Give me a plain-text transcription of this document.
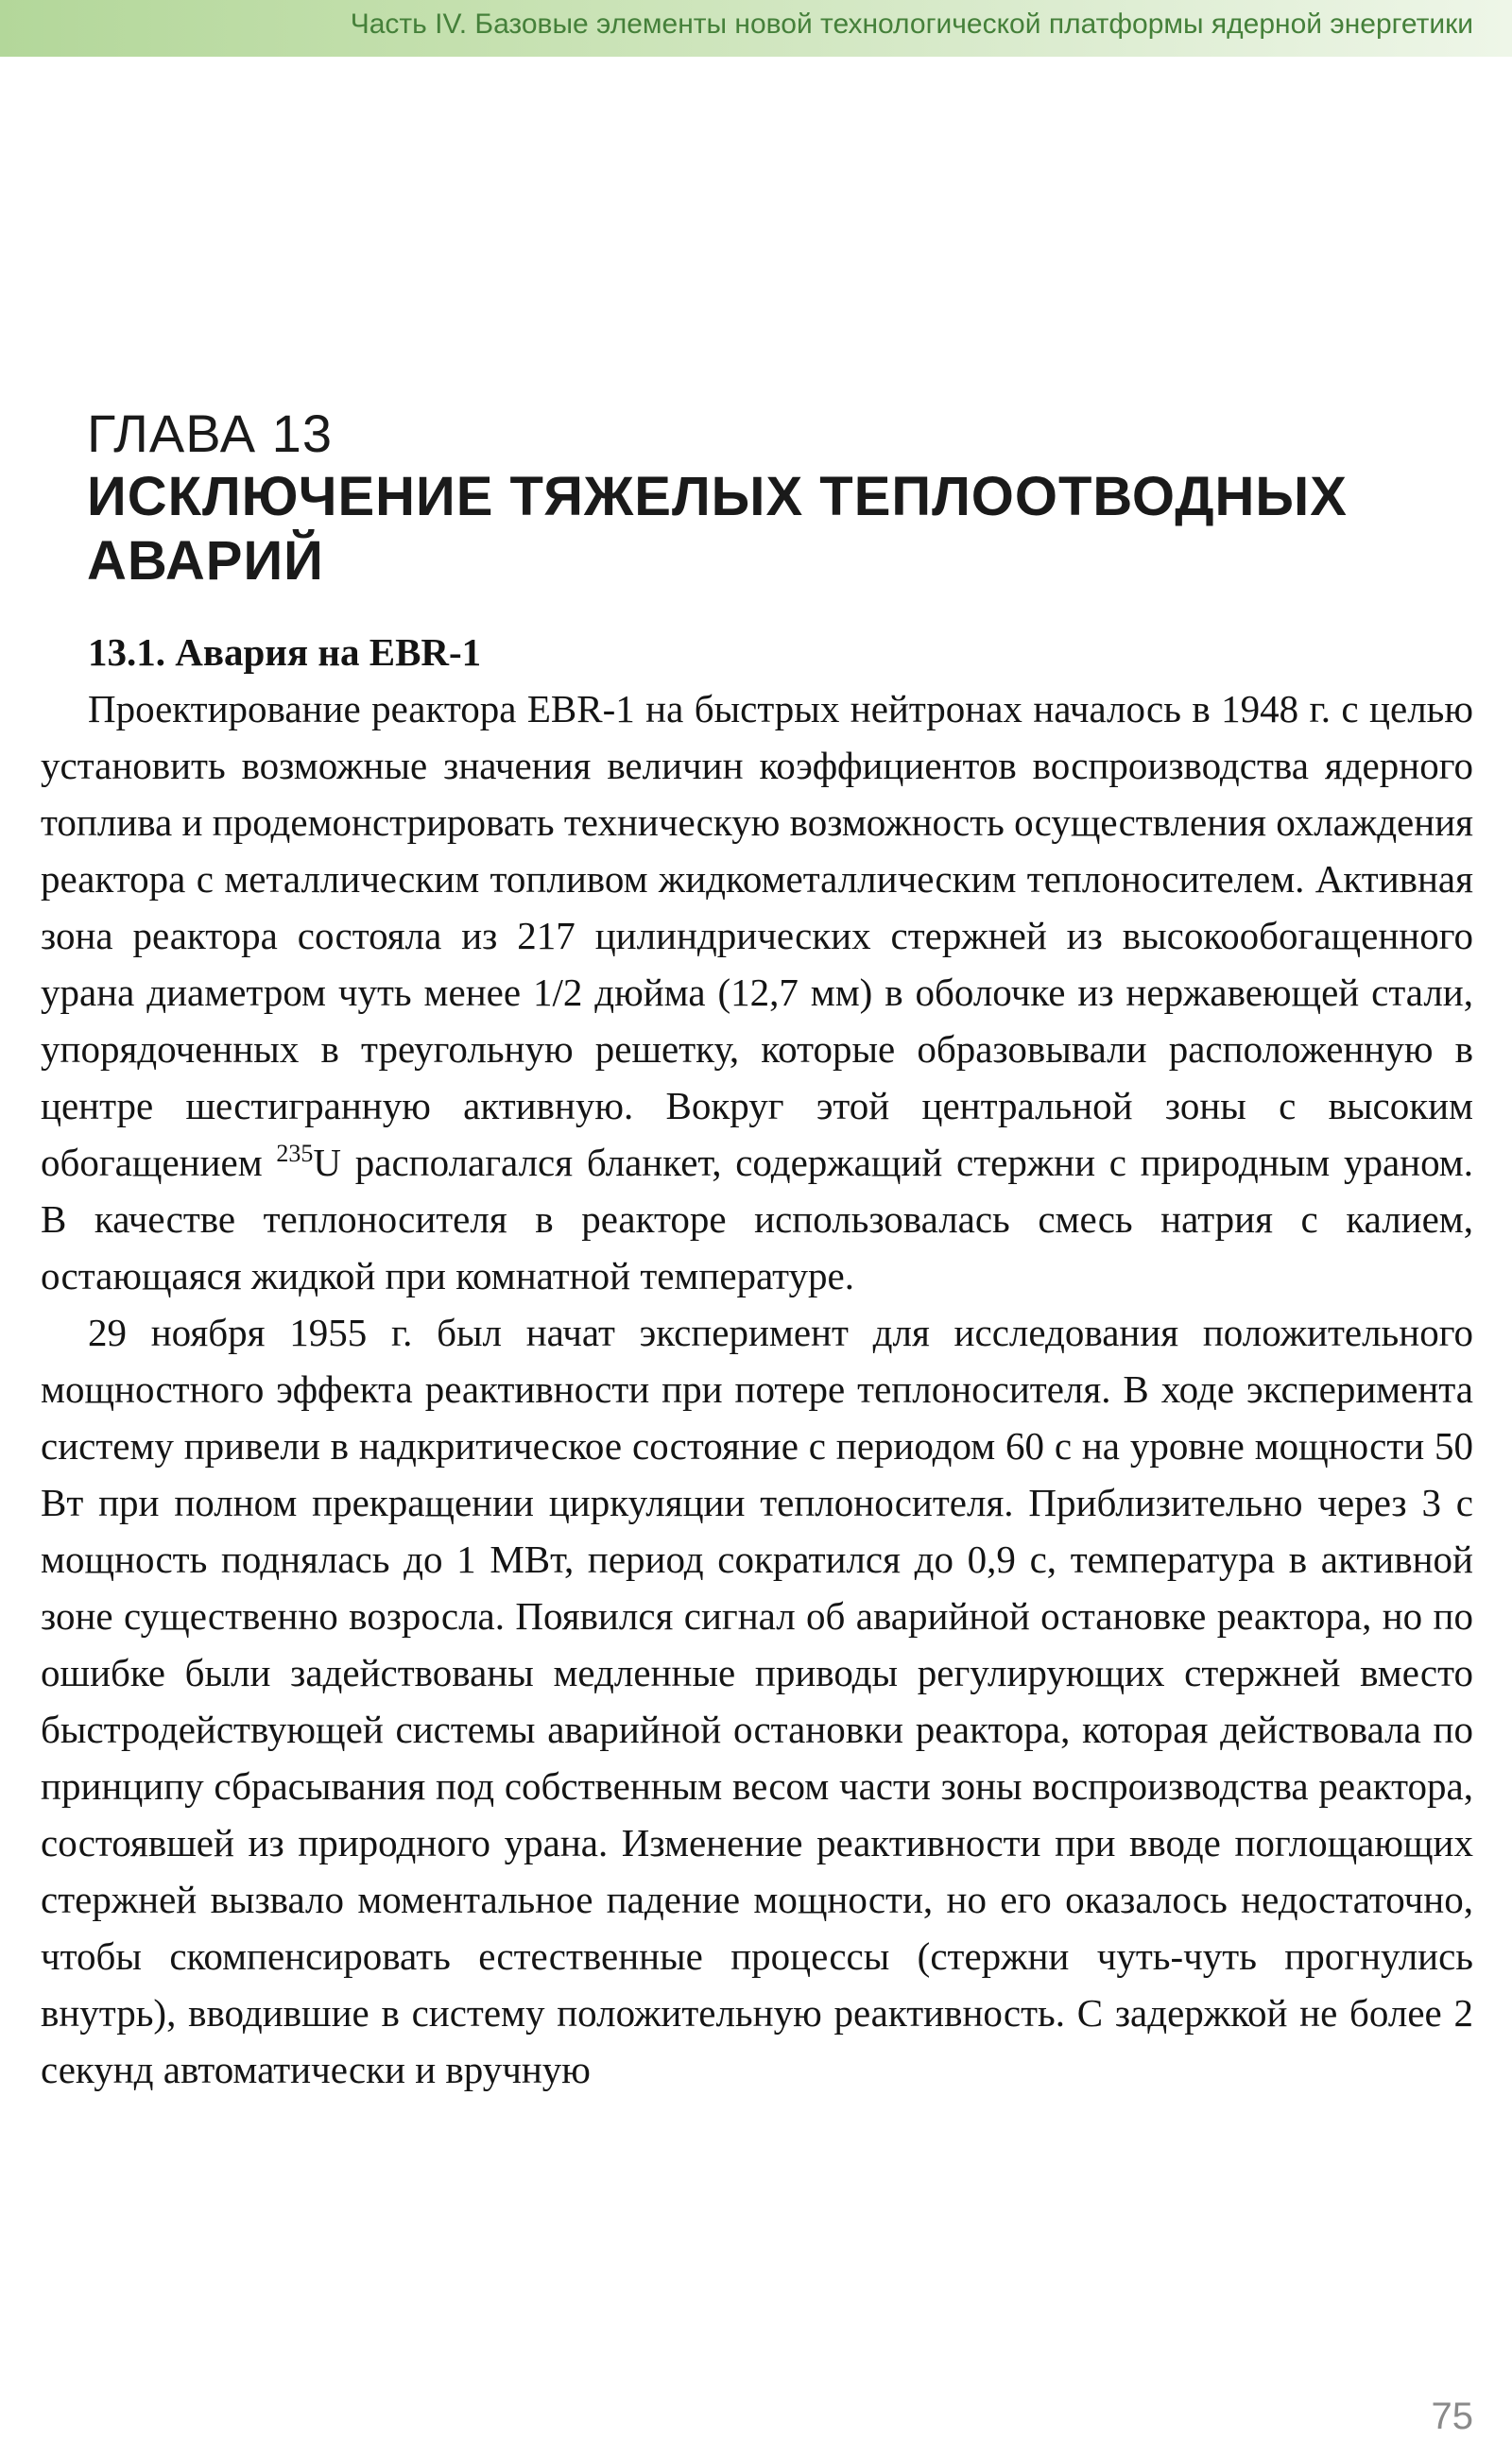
Часть IV. Базовые элементы новой технологической платформы ядерной энергетики
ГЛАВА 13
ИСКЛЮЧЕНИЕ ТЯЖЕЛЫХ ТЕПЛООТВОДНЫХ АВАРИЙ
13.1. Авария на EBR-1

Проектирование реактора EBR-1 на быстрых нейтронах началось в 1948 г. с целью установить возможные значения величин коэффициентов воспроизводства ядерного топлива и продемонстрировать техническую возможность осуществления охлаждения реактора с металлическим топливом жидкометаллическим теплоносителем. Активная зона реактора состояла из 217 цилиндрических стержней из высокообогащенного урана диаметром чуть менее 1/2 дюйма (12,7 мм) в оболочке из нержавеющей стали, упорядоченных в треугольную решетку, которые образовывали расположенную в центре шестигранную активную. Вокруг этой центральной зоны с высоким обогащением $^{235}$U располагался бланкет, содержащий стержни с природным ураном. В качестве теплоносителя в реакторе использовалась смесь натрия с калием, остающаяся жидкой при комнатной температуре.

29 ноября 1955 г. был начат эксперимент для исследования положительного мощностного эффекта реактивности при потере теплоносителя. В ходе эксперимента систему привели в надкритическое состояние с периодом 60 с на уровне мощности 50 Вт при полном прекращении циркуляции теплоносителя. Приблизительно через 3 с мощность поднялась до 1 МВт, период сократился до 0,9 с, температура в активной зоне существенно возросла. Появился сигнал об аварийной остановке реактора, но по ошибке были задействованы медленные приводы регулирующих стержней вместо быстродействующей системы аварийной остановки реактора, которая действовала по принципу сбрасывания под собственным весом части зоны воспроизводства реактора, состоявшей из природного урана. Изменение реактивности при вводе поглощающих стержней вызвало моментальное падение мощности, но его оказалось недостаточно, чтобы скомпенсировать естественные процессы (стержни чуть-чуть прогнулись внутрь), вводившие в систему положительную реактивность. С задержкой не более 2 секунд автоматически и вручную

75
